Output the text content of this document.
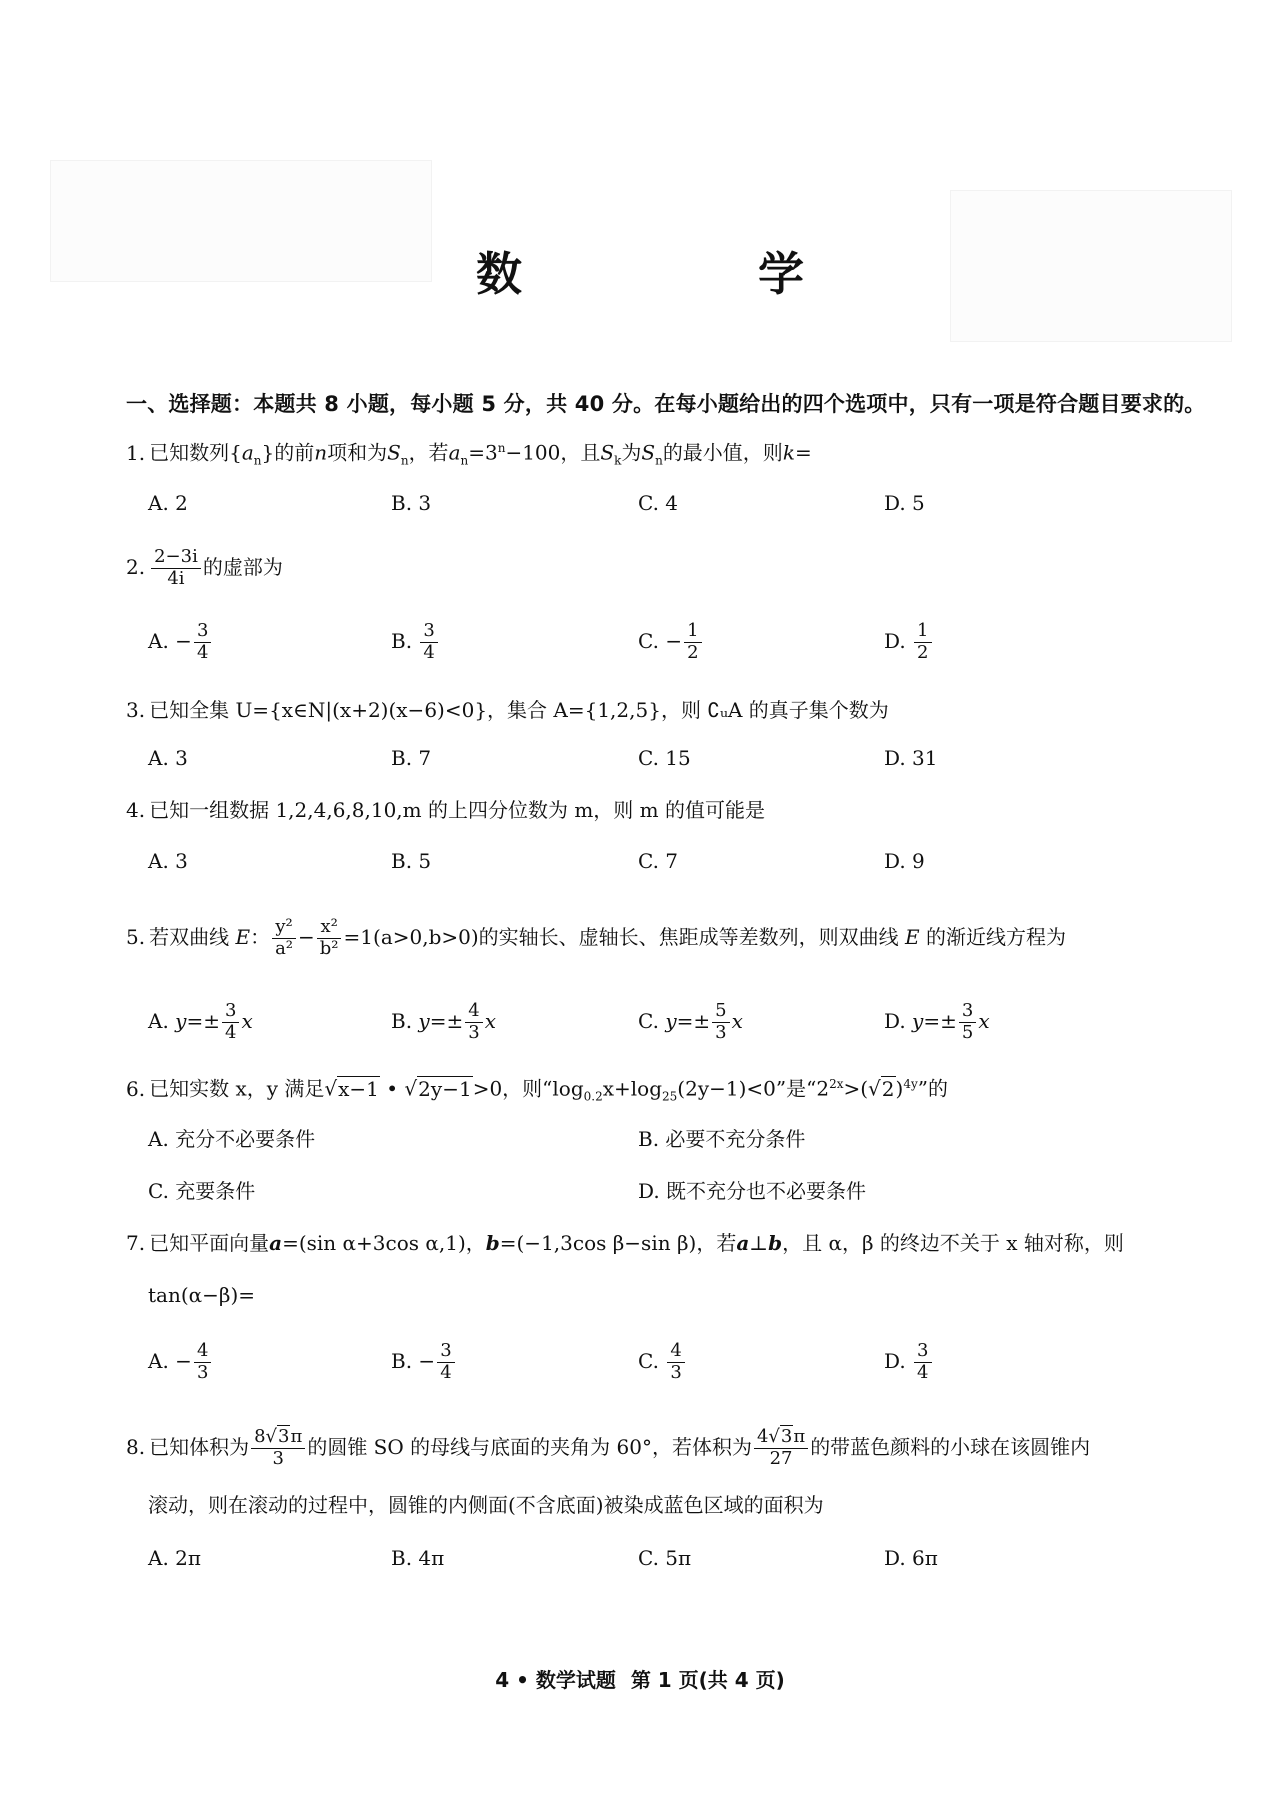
数 学
一、选择题：本题共 8 小题，每小题 5 分，共 40 分。在每小题给出的四个选项中，只有一项是符合题目要求的。
1. 已知数列$\{a_n\}$的前n项和为$S_n$，若$a_n=3^n-100$，且$S_k$为$S_n$的最小值，则k=
A. 2	B. 3	C. 4	D. 5
2. $\frac{2-3i}{4i}$ 的虚部为
A. − $\frac{3}{4}$	B. $\frac{3}{4}$	C. − $\frac{1}{2}$	D. $\frac{1}{2}$
3. 已知全集 U={x∈N|(x+2)(x−6)<0}，集合 A={1,2,5}，则 ∁ᵤA 的真子集个数为
A. 3	B. 7	C. 15	D. 31
4. 已知一组数据 1,2,4,6,8,10,m 的上四分位数为 m，则 m 的值可能是
A. 3	B. 5	C. 7	D. 9
5. 若双曲线 E： $\frac{\text{y²}}{\text{a²}} - \frac{\text{x²}}{\text{b²}} =1(a>0,b>0)$的实轴长、虚轴长、焦距成等差数列，则双曲线 E 的渐近线方程为
A. $y=\pm \frac{3}{4}$ x	B. $y=\pm \frac{4}{3}$ x	C. $y=\pm \frac{5}{3}$ x	D. $y=\pm \frac{3}{5}$ x
6. 已知实数 x，y 满足√x−1 • √2y−1>0，则“$\log_{0.2}x+\log_{25}(2y-1)<0$”是“$2^{2x}>(√2)^{4y}$”的
A. 充分不必要条件	B. 必要不充分条件
C. 充要条件	D. 既不充分也不必要条件
7. 已知平面向量a=(sin α+3cos α,1)，b=(−1,3cos β−sin β)，若a⊥b，且 α，β 的终边不关于 x 轴对称，则
tan(α−β)=
A. − $\frac{4}{3}$	B. − $\frac{3}{4}$	C. $\frac{4}{3}$	D. $\frac{3}{4}$
8. 已知体积为 $\frac{8√3\pi}{3}$ 的圆锥 SO 的母线与底面的夹角为 60°，若体积为 $\frac{4√3\pi}{27}$ 的带蓝色颜料的小球在该圆锥内
滚动，则在滚动的过程中，圆锥的内侧面(不含底面)被染成蓝色区域的面积为
A. 2π	B. 4π	C. 5π	D. 6π
4 • 数学试题 第 1 页(共 4 页)
